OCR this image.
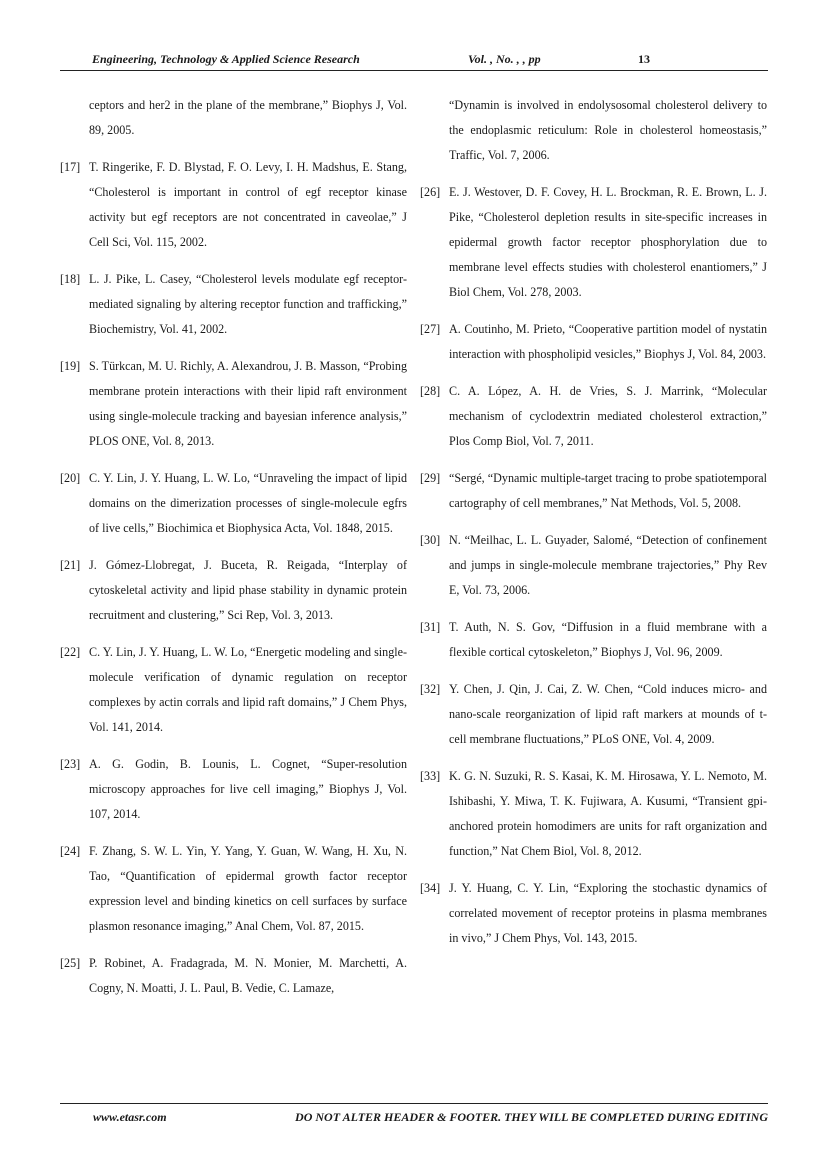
Engineering, Technology & Applied Science Research	Vol. , No. , , pp	13
ceptors and her2 in the plane of the membrane,” Biophys J, Vol. 89, 2005.
[17] T. Ringerike, F. D. Blystad, F. O. Levy, I. H. Madshus, E. Stang, “Cholesterol is important in control of egf receptor kinase activity but egf receptors are not concentrated in caveolae,” J Cell Sci, Vol. 115, 2002.
[18] L. J. Pike, L. Casey, “Cholesterol levels modulate egf receptor-mediated signaling by altering receptor function and trafficking,” Biochemistry, Vol. 41, 2002.
[19] S. Türkcan, M. U. Richly, A. Alexandrou, J. B. Masson, “Probing membrane protein interactions with their lipid raft environment using single-molecule tracking and bayesian inference analysis,” PLOS ONE, Vol. 8, 2013.
[20] C. Y. Lin, J. Y. Huang, L. W. Lo, “Unraveling the impact of lipid domains on the dimerization processes of single-molecule egfrs of live cells,” Biochimica et Biophysica Acta, Vol. 1848, 2015.
[21] J. Gómez-Llobregat, J. Buceta, R. Reigada, “Interplay of cytoskeletal activity and lipid phase stability in dynamic protein recruitment and clustering,” Sci Rep, Vol. 3, 2013.
[22] C. Y. Lin, J. Y. Huang, L. W. Lo, “Energetic modeling and single-molecule verification of dynamic regulation on receptor complexes by actin corrals and lipid raft domains,” J Chem Phys, Vol. 141, 2014.
[23] A. G. Godin, B. Lounis, L. Cognet, “Super-resolution microscopy approaches for live cell imaging,” Biophys J, Vol. 107, 2014.
[24] F. Zhang, S. W. L. Yin, Y. Yang, Y. Guan, W. Wang, H. Xu, N. Tao, “Quantification of epidermal growth factor receptor expression level and binding kinetics on cell surfaces by surface plasmon resonance imaging,” Anal Chem, Vol. 87, 2015.
[25] P. Robinet, A. Fradagrada, M. N. Monier, M. Marchetti, A. Cogny, N. Moatti, J. L. Paul, B. Vedie, C. Lamaze,
“Dynamin is involved in endolysosomal cholesterol delivery to the endoplasmic reticulum: Role in cholesterol homeostasis,” Traffic, Vol. 7, 2006.
[26] E. J. Westover, D. F. Covey, H. L. Brockman, R. E. Brown, L. J. Pike, “Cholesterol depletion results in site-specific increases in epidermal growth factor receptor phosphorylation due to membrane level effects studies with cholesterol enantiomers,” J Biol Chem, Vol. 278, 2003.
[27] A. Coutinho, M. Prieto, “Cooperative partition model of nystatin interaction with phospholipid vesicles,” Biophys J, Vol. 84, 2003.
[28] C. A. López, A. H. de Vries, S. J. Marrink, “Molecular mechanism of cyclodextrin mediated cholesterol extraction,” Plos Comp Biol, Vol. 7, 2011.
[29] “Sergé, “Dynamic multiple-target tracing to probe spatiotemporal cartography of cell membranes,” Nat Methods, Vol. 5, 2008.
[30] N. “Meilhac, L. L. Guyader, Salomé, “Detection of confinement and jumps in single-molecule membrane trajectories,” Phy Rev E, Vol. 73, 2006.
[31] T. Auth, N. S. Gov, “Diffusion in a fluid membrane with a flexible cortical cytoskeleton,” Biophys J, Vol. 96, 2009.
[32] Y. Chen, J. Qin, J. Cai, Z. W. Chen, “Cold induces micro- and nano-scale reorganization of lipid raft markers at mounds of t-cell membrane fluctuations,” PLoS ONE, Vol. 4, 2009.
[33] K. G. N. Suzuki, R. S. Kasai, K. M. Hirosawa, Y. L. Nemoto, M. Ishibashi, Y. Miwa, T. K. Fujiwara, A. Kusumi, “Transient gpi-anchored protein homodimers are units for raft organization and function,” Nat Chem Biol, Vol. 8, 2012.
[34] J. Y. Huang, C. Y. Lin, “Exploring the stochastic dynamics of correlated movement of receptor proteins in plasma membranes in vivo,” J Chem Phys, Vol. 143, 2015.
www.etasr.com	DO NOT ALTER HEADER & FOOTER. THEY WILL BE COMPLETED DURING EDITING
